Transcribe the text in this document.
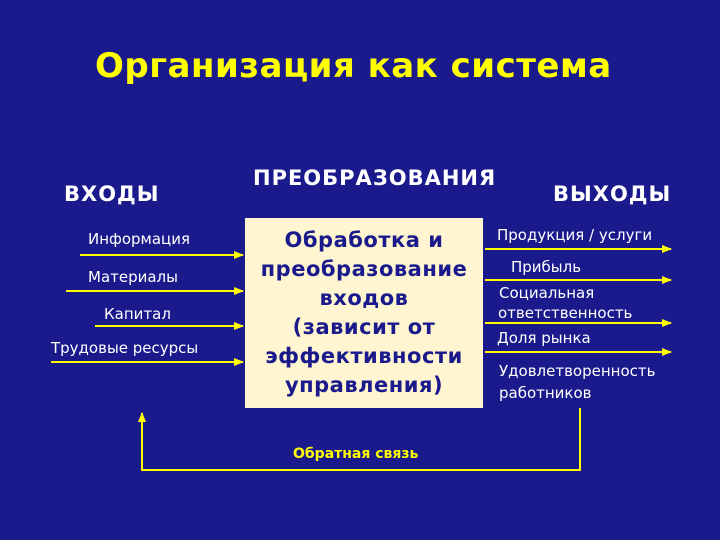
Организация как система
ВХОДЫ
ПРЕОБРАЗОВАНИЯ
ВЫХОДЫ
Информация
Материалы
Капитал
Трудовые ресурсы
Обработка и
преобразование
входов
(зависит от
эффективности
управления)
Продукция / услуги
Прибыль
Социальная
ответственность
Доля рынка
Удовлетворенность
работников
Обратная связь
